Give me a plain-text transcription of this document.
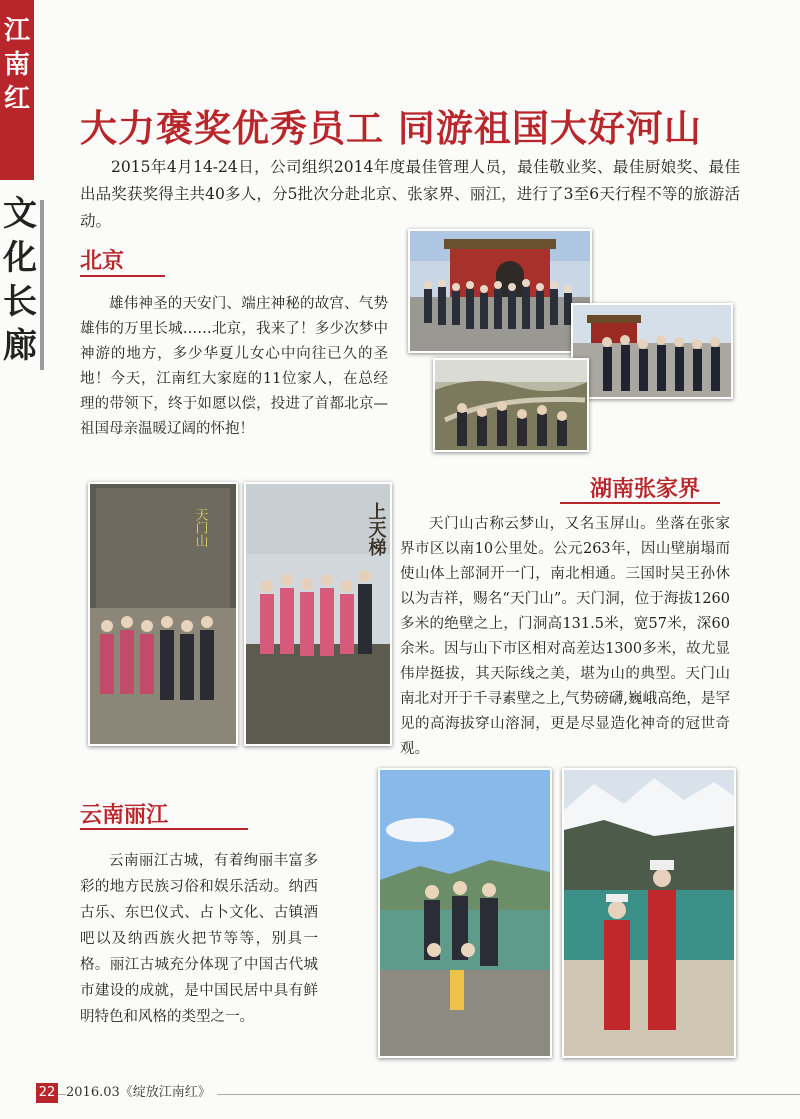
江
南
红
文
化
长
廊
大力褒奖优秀员工 同游祖国大好河山
2015年4月14-24日，公司组织2014年度最佳管理人员，最佳敬业奖、最佳厨娘奖、最佳出品奖获奖得主共40多人，分5批次分赴北京、张家界、丽江，进行了3至6天行程不等的旅游活动。
北京
雄伟神圣的天安门、端庄神秘的故宫、气势雄伟的万里长城……北京，我来了！多少次梦中神游的地方，多少华夏儿女心中向往已久的圣地！今天，江南红大家庭的11位家人，在总经理的带领下，终于如愿以偿，投进了首都北京—祖国母亲温暖辽阔的怀抱！
湖南张家界
天门山古称云梦山，又名玉屏山。坐落在张家界市区以南10公里处。公元263年，因山壁崩塌而使山体上部洞开一门，南北相通。三国时吴王孙休以为吉祥，赐名“天门山”。天门洞，位于海拔1260多米的绝壁之上，门洞高131.5米，宽57米，深60余米。因与山下市区相对高差达1300多米，故尤显伟岸挺拔，其天际线之美，堪为山的典型。天门山南北对开于千寻素壁之上,气势磅礴,巍峨高绝，是罕见的高海拔穿山溶洞，更是尽显造化神奇的冠世奇观。
天门山	上天梯
云南丽江
云南丽江古城，有着绚丽丰富多彩的地方民族习俗和娱乐活动。纳西古乐、东巴仪式、占卜文化、古镇酒吧以及纳西族火把节等等，别具一格。丽江古城充分体现了中国古代城市建设的成就，是中国民居中具有鲜明特色和风格的类型之一。
22 2016.03《绽放江南红》
